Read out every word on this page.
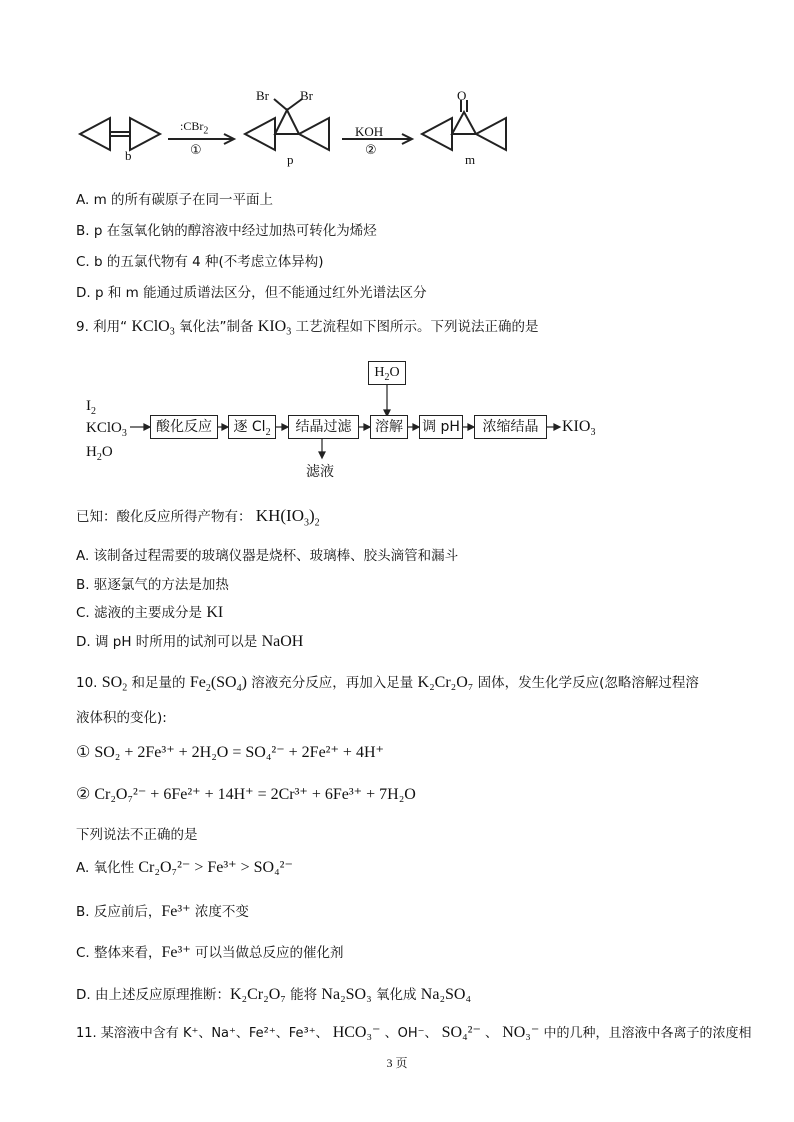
:CBr$_2$
①
KOH
②
b	p	m
Br Br	O
A. m 的所有碳原子在同一平面上
B. p 在氢氧化钠的醇溶液中经过加热可转化为烯烃
C. b 的五氯代物有 4 种(不考虑立体异构)
D. p 和 m 能通过质谱法区分，但不能通过红外光谱法区分
9. 利用“ KClO$_3$ 氧化法”制备 $KIO_3$ 工艺流程如下图所示。下列说法正确的是
$I_2$
KClO$_3$
$H_2O$
酸化反应	逐 $Cl_2$	结晶过滤	溶解	调 pH	浓缩结晶
$H_2O$
$KIO_3$
滤液
已知：酸化反应所得产物有： $KH(IO_3)_2$
A. 该制备过程需要的玻璃仪器是烧杯、玻璃棒、胶头滴管和漏斗
B. 驱逐氯气的方法是加热
C. 滤液的主要成分是 KI
D. 调 pH 时所用的试剂可以是 NaOH
10. $SO_2$ 和足量的 $Fe_2(SO_4)$ 溶液充分反应，再加入足量 K₂Cr₂O₇ 固体，发生化学反应(忽略溶解过程溶
液体积的变化):
① SO₂ + 2Fe³⁺ + 2H₂O = SO₄²⁻ + 2Fe²⁺ + 4H⁺
② Cr₂O₇²⁻ + 6Fe²⁺ + 14H⁺ = 2Cr³⁺ + 6Fe³⁺ + 7H₂O
下列说法不正确的是
A. 氧化性 Cr₂O₇²⁻ > Fe³⁺ > SO₄²⁻
B. 反应前后，Fe³⁺ 浓度不变
C. 整体来看，Fe³⁺ 可以当做总反应的催化剂
D. 由上述反应原理推断：K₂Cr₂O₇ 能将 Na₂SO₃ 氧化成 Na₂SO₄
11. 某溶液中含有 K⁺、Na⁺、Fe²⁺、Fe³⁺、 HCO₃⁻ 、OH⁻、 SO₄²⁻ 、 NO₃⁻ 中的几种，且溶液中各离子的浓度相
3 页
